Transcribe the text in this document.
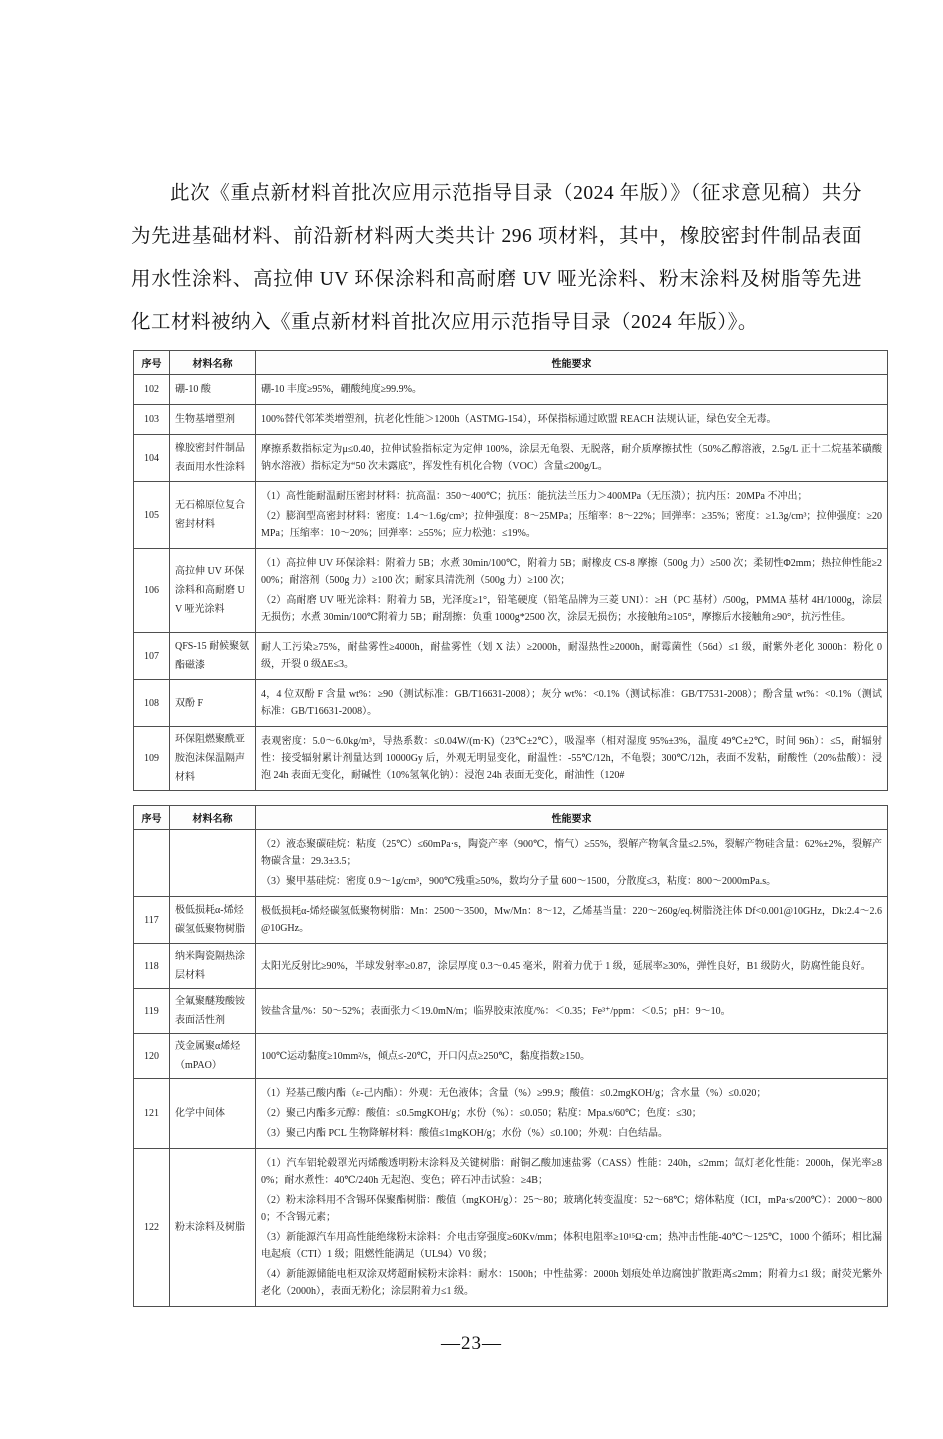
此次《重点新材料首批次应用示范指导目录（2024 年版）》（征求意见稿）共分为先进基础材料、前沿新材料两大类共计 296 项材料，其中，橡胶密封件制品表面用水性涂料、高拉伸 UV 环保涂料和高耐磨 UV 哑光涂料、粉末涂料及树脂等先进化工材料被纳入《重点新材料首批次应用示范指导目录（2024 年版）》。

序号	材料名称	性能要求
102	硼-10 酸	硼-10 丰度≥95%，硼酸纯度≥99.9%。

103	生物基增塑剂	100%替代邻苯类增塑剂，抗老化性能＞1200h（ASTMG-154），环保指标通过欧盟 REACH 法规认证，绿色安全无毒。

104	橡胶密封件制品表面用水性涂料	摩擦系数指标定为μ≤0.40，拉伸试验指标定为定伸 100%，涂层无龟裂、无脱落，耐介质摩擦拭性（50%乙醇溶液，2.5g/L 正十二烷基苯磺酸钠水溶液）指标定为“50 次未露底”，挥发性有机化合物（VOC）含量≤200g/L。

105	无石棉原位复合密封材料	（1）高性能耐温耐压密封材料：抗高温：350～400℃；抗压：能抗法兰压力＞400MPa（无压溃）；抗内压：20MPa 不冲出；
（2）膨润型高密封材料：密度：1.4～1.6g/cm³；拉伸强度：8～25MPa；压缩率：8～22%；回弹率：≥35%；密度：≥1.3g/cm³；拉伸强度：≥20MPa；压缩率：10～20%；回弹率：≥55%；应力松弛：≤19%。

106	高拉伸 UV 环保涂料和高耐磨 UV 哑光涂料	（1）高拉伸 UV 环保涂料：附着力 5B；水煮 30min/100℃，附着力 5B；耐橡皮 CS-8 摩擦（500g 力）≥500 次；柔韧性Φ2mm；热拉伸性能≥200%；耐溶剂（500g 力）≥100 次；耐家具清洗剂（500g 力）≥100 次；
（2）高耐磨 UV 哑光涂料：附着力 5B，光泽度≥1°，铅笔硬度（铅笔品牌为三菱 UNI）：≥H（PC 基材）/500g，PMMA 基材 4H/1000g，涂层无损伤；水煮 30min/100℃附着力 5B；耐刮擦：负重 1000g*2500 次，涂层无损伤；水接触角≥105°，摩擦后水接触角≥90°，抗污性佳。

107	QFS-15 耐候聚氨酯磁漆	耐人工污染≥75%，耐盐雾性≥4000h，耐盐雾性（划 X 法）≥2000h，耐湿热性≥2000h，耐霉菌性（56d）≤1 级，耐紫外老化 3000h：粉化 0 级，开裂 0 级ΔE≤3。

108	双酚 F	4，4 位双酚 F 含量 wt%：≥90（测试标准：GB/T16631-2008）；灰分 wt%：<0.1%（测试标准：GB/T7531-2008）；酚含量 wt%：<0.1%（测试标准：GB/T16631-2008）。

109	环保阻燃聚酰亚胺泡沫保温隔声材料	表观密度：5.0～6.0kg/m³，导热系数：≤0.04W/(m·K)（23℃±2℃），吸湿率（相对湿度 95%±3%，温度 49℃±2℃，时间 96h）：≤5，耐辐射性：接受辐射累计剂量达到 10000Gy 后，外观无明显变化，耐温性：-55℃/12h，不龟裂；300℃/12h，表面不发粘，耐酸性（20%盐酸）：浸泡 24h 表面无变化，耐碱性（10%氢氧化钠）：浸泡 24h 表面无变化，耐油性（120#
序号	材料名称	性能要求

		（2）液态聚碳硅烷：粘度（25℃）≤60mPa·s，陶瓷产率（900℃，惰气）≥55%，裂解产物氧含量≤2.5%，裂解产物硅含量：62%±2%，裂解产物碳含量：29.3±3.5；
（3）聚甲基硅烷：密度 0.9～1g/cm³，900℃残重≥50%，数均分子量 600～1500，分散度≤3，粘度：800～2000mPa.s。

117	极低损耗α-烯烃碳氢低聚物树脂	极低损耗α-烯烃碳氢低聚物树脂：Mn：2500～3500，Mw/Mn：8～12，乙烯基当量：220～260g/eq.树脂浇注体 Df<0.001@10GHz，Dk:2.4～2.6@10GHz。

118	纳米陶瓷隔热涂层材料	太阳光反射比≥90%，半球发射率≥0.87，涂层厚度 0.3～0.45 毫米，附着力优于 1 级，延展率≥30%，弹性良好，B1 级防火，防腐性能良好。

119	全氟聚醚羧酸铵表面活性剂	铵盐含量/%：50～52%；表面张力＜19.0mN/m；临界胶束浓度/%：＜0.35；Fe³⁺/ppm：＜0.5；pH：9～10。

120	茂金属聚α烯烃（mPAO）	100℃运动黏度≥10mm²/s，倾点≤-20℃，开口闪点≥250℃，黏度指数≥150。

121	化学中间体	（1）羟基己酸内酯（ε-己内酯）：外观：无色液体；含量（%）≥99.9；酸值：≤0.2mgKOH/g；含水量（%）≤0.020；
（2）聚己内酯多元醇：酸值：≤0.5mgKOH/g；水份（%）：≤0.050；粘度：Mpa.s/60℃；色度：≤30；
（3）聚己内酯 PCL 生物降解材料：酸值≤1mgKOH/g；水份（%）≤0.100；外观：白色结晶。

122	粉末涂料及树脂	（1）汽车铝轮毂罩光丙烯酸透明粉末涂料及关键树脂：耐铜乙酸加速盐雾（CASS）性能：240h，≤2mm；氙灯老化性能：2000h，保光率≥80%；耐水煮性：40℃/240h 无起泡、变色；碎石冲击试验：≥4B；
（2）粉末涂料用不含锡环保聚酯树脂：酸值（mgKOH/g）：25～80；玻璃化转变温度：52～68℃；熔体粘度（ICI，mPa·s/200℃）：2000～8000；不含锡元素；
（3）新能源汽车用高性能绝缘粉末涂料：介电击穿强度≥60Kv/mm；体积电阻率≥10¹⁵Ω·cm；热冲击性能-40℃～125℃，1000 个循环；相比漏电起痕（CTI）1 级；阻燃性能满足（UL94）V0 级；
（4）新能源储能电柜双涂双烤超耐候粉末涂料：耐水：1500h；中性盐雾：2000h 划痕处单边腐蚀扩散距离≤2mm；附着力≤1 级；耐荧光紫外老化（2000h），表面无粉化；涂层附着力≤1 级。
—23—
